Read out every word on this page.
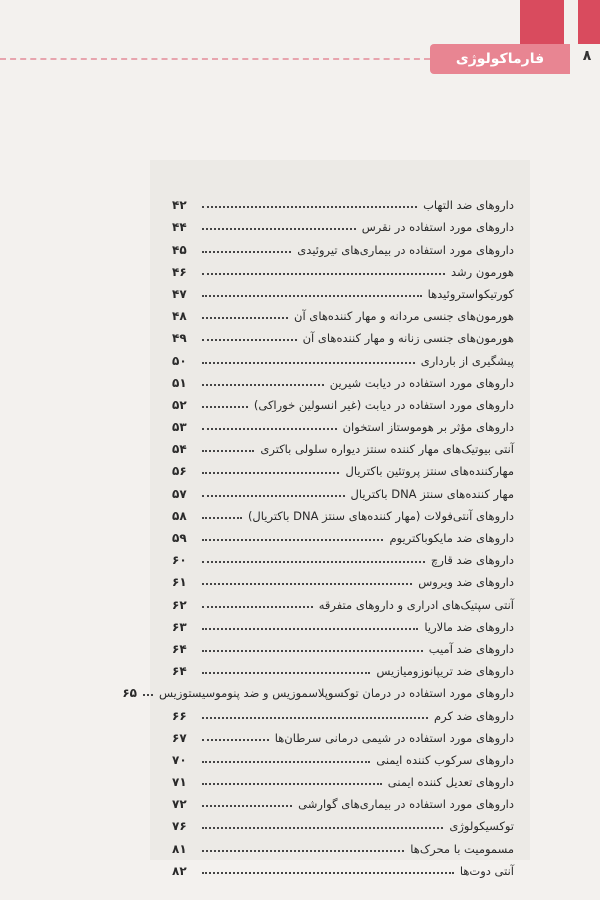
فارماکولوژی	۸
داروهای ضد التهاب
۴۲
داروهای مورد استفاده در نقرس
۴۴
داروهای مورد استفاده در بیماری‌های تیروئیدی
۴۵
هورمون رشد
۴۶
کورتیکواستروئیدها
۴۷
هورمون‌های جنسی مردانه و مهار کننده‌های آن
۴۸
هورمون‌های جنسی زنانه و مهار کننده‌های آن
۴۹
پیشگیری از بارداری
۵۰
داروهای مورد استفاده در دیابت شیرین
۵۱
داروهای مورد استفاده در دیابت (غیر انسولین خوراکی)
۵۲
داروهای مؤثر بر هوموستاز استخوان
۵۳
آنتی بیوتیک‌های مهار کننده سنتز دیواره سلولی باکتری
۵۴
مهارکننده‌های سنتز پروتئین باکتریال
۵۶
مهار کننده‌های سنتز DNA باکتریال
۵۷
داروهای آنتی‌فولات (مهار کننده‌های سنتز DNA باکتریال)
۵۸
داروهای ضد مایکوباکتریوم
۵۹
داروهای ضد قارچ
۶۰
داروهای ضد ویروس
۶۱
آنتی سپتیک‌های ادراری و داروهای متفرقه
۶۲
داروهای ضد مالاریا
۶۳
داروهای ضد آمیب
۶۴
داروهای ضد تریپانوزومیازیس
۶۴
داروهای مورد استفاده در درمان توکسوپلاسموزیس و ضد پنوموسیستوزیس
۶۵
داروهای ضد کرم
۶۶
داروهای مورد استفاده در شیمی درمانی سرطان‌ها
۶۷
داروهای سرکوب کننده ایمنی
۷۰
داروهای تعدیل کننده ایمنی
۷۱
داروهای مورد استفاده در بیماری‌های گوارشی
۷۲
توکسیکولوژی
۷۶
مسمومیت با محرک‌ها
۸۱
آنتی دوت‌ها
۸۲
